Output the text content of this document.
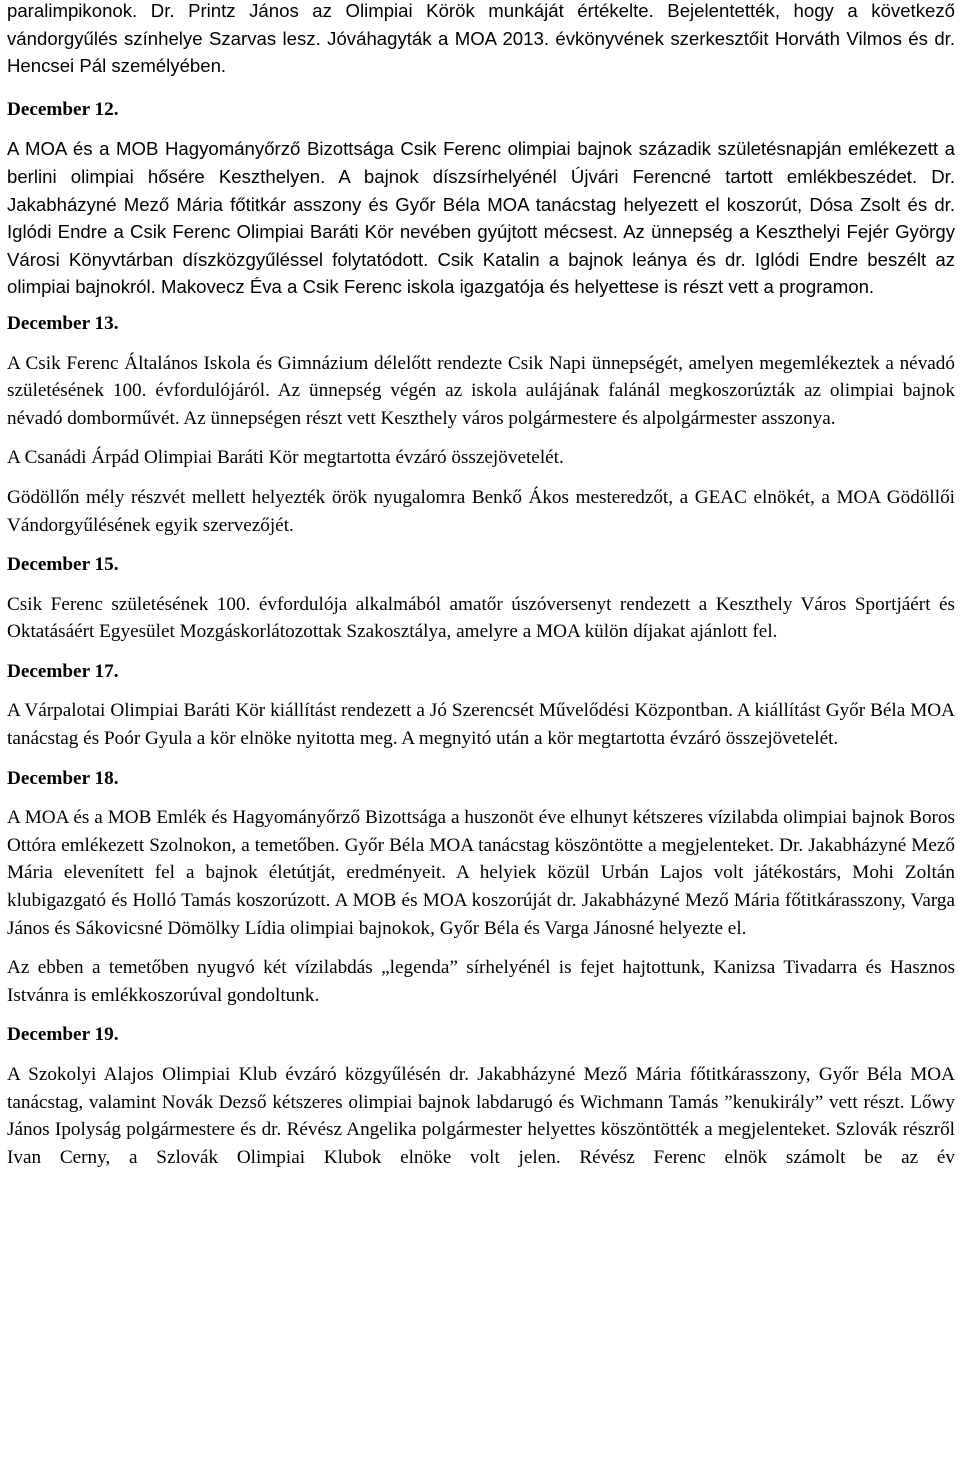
paralimpikonok. Dr. Printz János az Olimpiai Körök munkáját értékelte. Bejelentették, hogy a következő vándorgyűlés színhelye Szarvas lesz. Jóváhagyták a MOA 2013. évkönyvének szerkesztőit Horváth Vilmos és dr. Hencsei Pál személyében.

December 12.

A MOA és a MOB Hagyományőrző Bizottsága Csik Ferenc olimpiai bajnok századik születésnapján emlékezett a berlini olimpiai hősére Keszthelyen. A bajnok díszsírhelyénél Újvári Ferencné tartott emlékbeszédet. Dr. Jakabházyné Mező Mária főtitkár asszony és Győr Béla MOA tanácstag helyezett el koszorút, Dósa Zsolt és dr. Iglódi Endre a Csik Ferenc Olimpiai Baráti Kör nevében gyújtott mécsest. Az ünnepség a Keszthelyi Fejér György Városi Könyvtárban díszközgyűléssel folytatódott. Csik Katalin a bajnok leánya és dr. Iglódi Endre beszélt az olimpiai bajnokról. Makovecz Éva a Csik Ferenc iskola igazgatója és helyettese is részt vett a programon.

December 13.

A Csik Ferenc Általános Iskola és Gimnázium délelőtt rendezte Csik Napi ünnepségét, amelyen megemlékeztek a névadó születésének 100. évfordulójáról. Az ünnepség végén az iskola aulájának falánál megkoszorúzták az olimpiai bajnok névadó domborművét. Az ünnepségen részt vett Keszthely város polgármestere és alpolgármester asszonya.

A Csanádi Árpád Olimpiai Baráti Kör megtartotta évzáró összejövetelét.

Gödöllőn mély részvét mellett helyezték örök nyugalomra Benkő Ákos mesteredzőt, a GEAC elnökét, a MOA Gödöllői Vándorgyűlésének egyik szervezőjét.

December 15.

Csik Ferenc születésének 100. évfordulója alkalmából amatőr úszóversenyt rendezett a Keszthely Város Sportjáért és Oktatásáért Egyesület Mozgáskorlátozottak Szakosztálya, amelyre a MOA külön díjakat ajánlott fel.

December 17.

A Várpalotai Olimpiai Baráti Kör kiállítást rendezett a Jó Szerencsét Művelődési Központban. A kiállítást Győr Béla MOA tanácstag és Poór Gyula a kör elnöke nyitotta meg. A megnyitó után a kör megtartotta évzáró összejövetelét.

December 18.

A MOA és a MOB Emlék és Hagyományőrző Bizottsága a huszonöt éve elhunyt kétszeres vízilabda olimpiai bajnok Boros Ottóra emlékezett Szolnokon, a temetőben. Győr Béla MOA tanácstag köszöntötte a megjelenteket. Dr. Jakabházyné Mező Mária elevenített fel a bajnok életútját, eredményeit. A helyiek közül Urbán Lajos volt játékostárs, Mohi Zoltán klubigazgató és Holló Tamás koszorúzott. A MOB és MOA koszorúját dr. Jakabházyné Mező Mária főtitkárasszony, Varga János és Sákovicsné Dömölky Lídia olimpiai bajnokok, Győr Béla és Varga Jánosné helyezte el.

Az ebben a temetőben nyugvó két vízilabdás „legenda” sírhelyénél is fejet hajtottunk, Kanizsa Tivadarra és Hasznos Istvánra is emlékkoszorúval gondoltunk.

December 19.

A Szokolyi Alajos Olimpiai Klub évzáró közgyűlésén dr. Jakabházyné Mező Mária főtitkárasszony, Győr Béla MOA tanácstag, valamint Novák Dezső kétszeres olimpiai bajnok labdarugó és Wichmann Tamás ”kenukirály” vett részt. Lőwy János Ipolyság polgármestere és dr. Révész Angelika polgármester helyettes köszöntötték a megjelenteket. Szlovák részről Ivan Cerny, a Szlovák Olimpiai Klubok elnöke volt jelen. Révész Ferenc elnök számolt be az év
